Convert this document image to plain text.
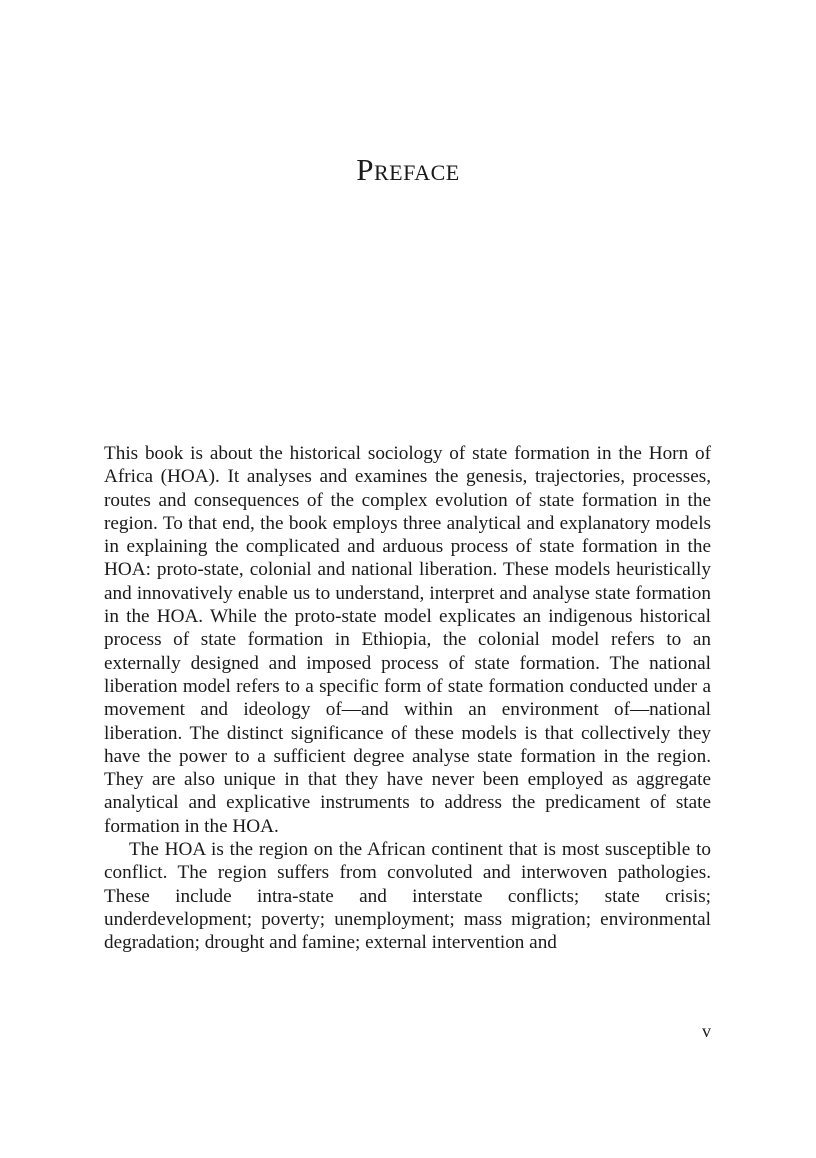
Preface

This book is about the historical sociology of state formation in the Horn of Africa (HOA). It analyses and examines the genesis, trajectories, processes, routes and consequences of the complex evolution of state formation in the region. To that end, the book employs three analytical and explanatory models in explaining the complicated and arduous process of state formation in the HOA: proto-state, colonial and national liberation. These models heuristically and innovatively enable us to understand, interpret and analyse state formation in the HOA. While the proto-state model explicates an indigenous historical process of state formation in Ethiopia, the colonial model refers to an externally designed and imposed process of state formation. The national liberation model refers to a specific form of state formation conducted under a movement and ideology of—and within an environment of—national liberation. The distinct significance of these models is that collectively they have the power to a sufficient degree analyse state formation in the region. They are also unique in that they have never been employed as aggregate analytical and explicative instruments to address the predicament of state formation in the HOA.

The HOA is the region on the African continent that is most susceptible to conflict. The region suffers from convoluted and interwoven pathologies. These include intra-state and interstate conflicts; state crisis; underdevelopment; poverty; unemployment; mass migration; environmental degradation; drought and famine; external intervention and

v
